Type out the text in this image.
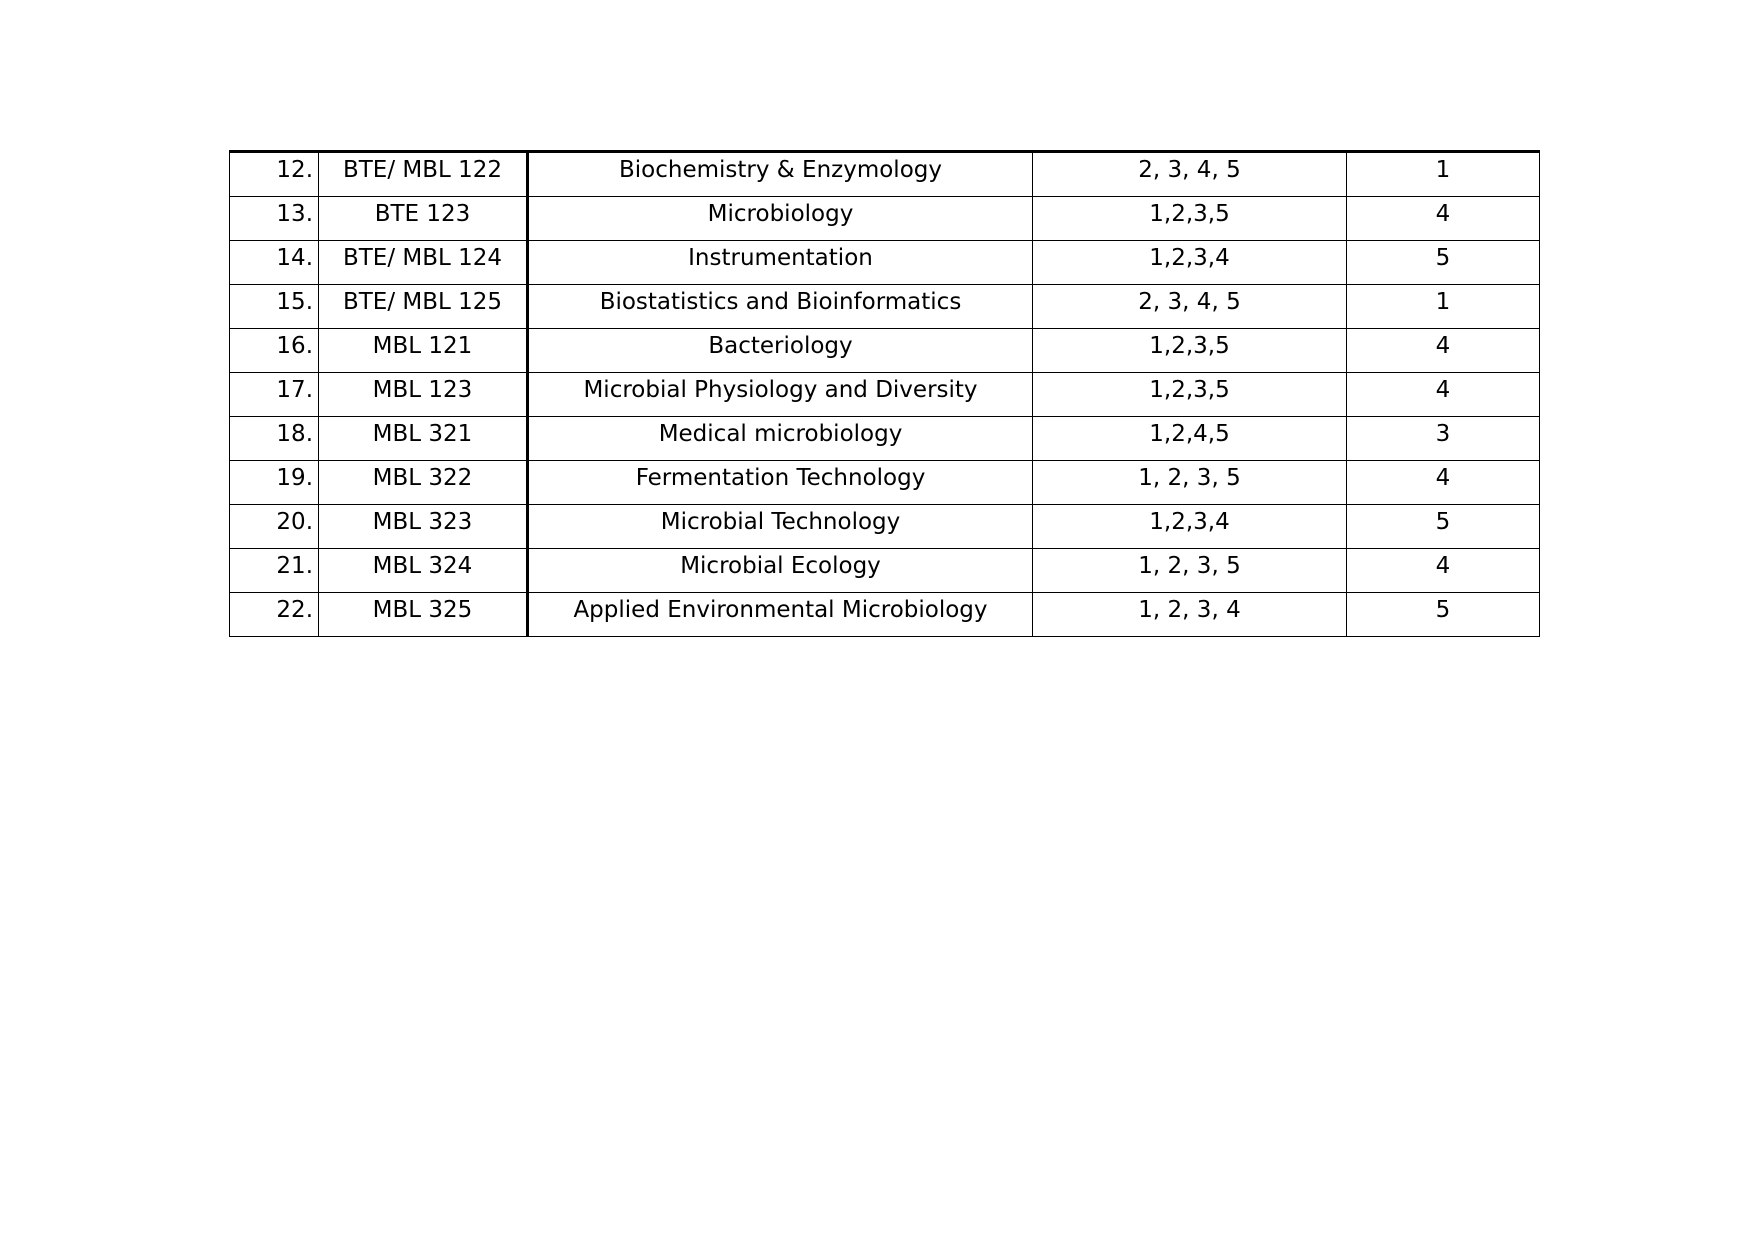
12.	BTE/ MBL 122	Biochemistry & Enzymology	2, 3, 4, 5	1
13.	BTE 123	Microbiology	1,2,3,5	4
14.	BTE/ MBL 124	Instrumentation	1,2,3,4	5
15.	BTE/ MBL 125	Biostatistics and Bioinformatics	2, 3, 4, 5	1
16.	MBL 121	Bacteriology	1,2,3,5	4
17.	MBL 123	Microbial Physiology and Diversity	1,2,3,5	4
18.	MBL 321	Medical microbiology	1,2,4,5	3
19.	MBL 322	Fermentation Technology	1, 2, 3, 5	4
20.	MBL 323	Microbial Technology	1,2,3,4	5
21.	MBL 324	Microbial Ecology	1, 2, 3, 5	4
22.	MBL 325	Applied Environmental Microbiology	1, 2, 3, 4	5
